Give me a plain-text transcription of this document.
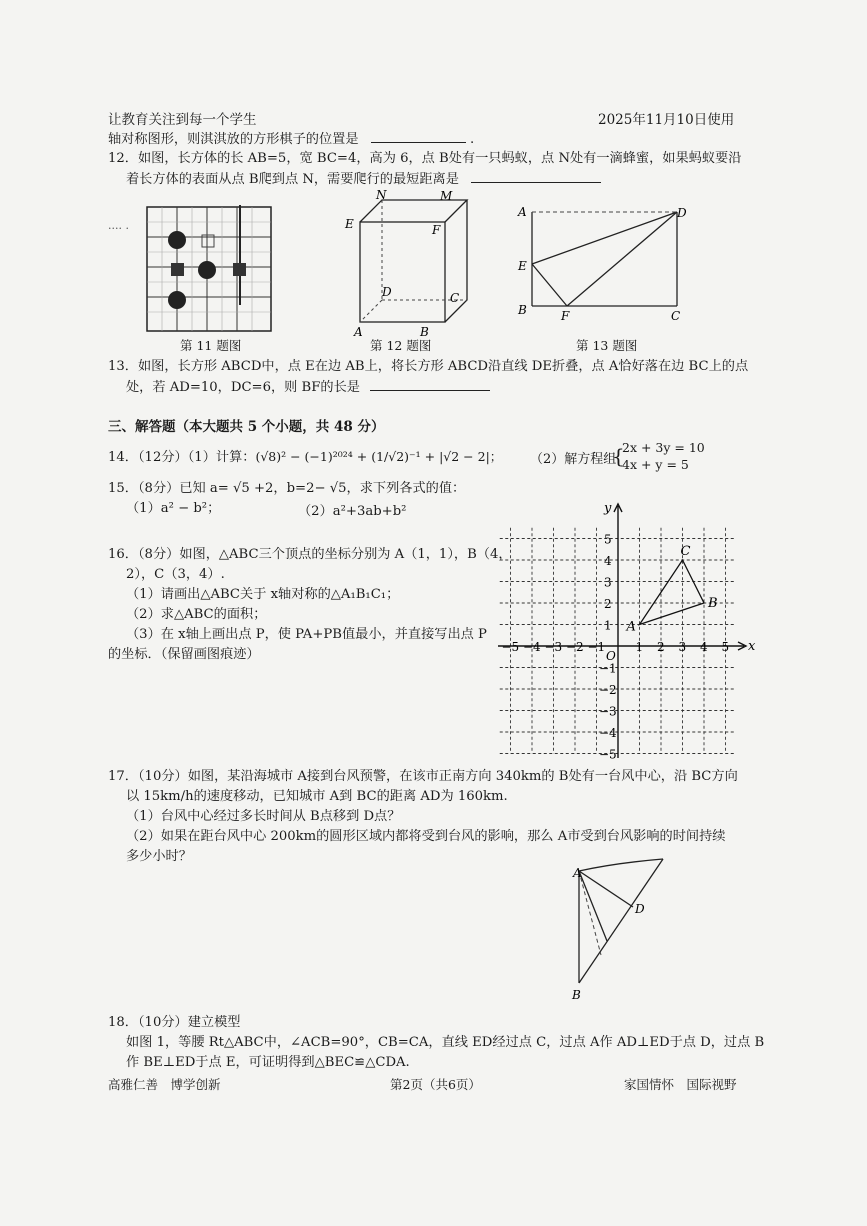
让教育关注到每一个学生	2025年11月10日使用
轴对称图形，则淇淇放的方形棋子的位置是	.
12．如图，长方体的长 AB=5，宽 BC=4，高为 6，点 B处有一只蚂蚁，点 N处有一滴蜂蜜，如果蚂蚁要沿
着长方体的表面从点 B爬到点 N，需要爬行的最短距离是
···· ·
N	M
E	F
D	C
A	B
A	D
E
B	F	C
第 11 题图	第 12 题图	第 13 题图
13．如图，长方形 ABCD中，点 E在边 AB上，将长方形 ABCD沿直线 DE折叠，点 A恰好落在边 BC上的点
处，若 AD=10，DC=6，则 BF的长是
三、解答题（本大题共 5 个小题，共 48 分）
14．（12分）（1）计算：(√8)² − (−1)²⁰²⁴ + (1/√2)⁻¹ + |√2 − 2|； （2）解方程组
{
2x + 3y = 10
4x + y = 5
15．（8分）已知 a= √5 +2，b=2− √5，求下列各式的值：
（1）a² − b²；	（2）a²+3ab+b²
16．（8分）如图，△ABC三个顶点的坐标分别为 A（1，1），B（4，
2），C（3，4）.
（1）请画出△ABC关于 x轴对称的△A₁B₁C₁；
（2）求△ABC的面积；
（3）在 x轴上画出点 P，使 PA+PB值最小，并直接写出点 P
的坐标．（保留画图痕迹）	−5 −4 −3 −2 −1	1 2 3 4 5
5
4
3
2
1
−1
−2
−3
−4
−5
A
B
C
x
y
O
17．（10分）如图，某沿海城市 A接到台风预警，在该市正南方向 340km的 B处有一台风中心，沿 BC方向
以 15km/h的速度移动，已知城市 A到 BC的距离 AD为 160km.
（1）台风中心经过多长时间从 B点移到 D点？
（2）如果在距台风中心 200km的圆形区域内都将受到台风的影响，那么 A市受到台风影响的时间持续
多少小时？
A
D
B
18．（10分）建立模型
如图 1，等腰 Rt△ABC中，∠ACB=90°，CB=CA，直线 ED经过点 C，过点 A作 AD⊥ED于点 D，过点 B
作 BE⊥ED于点 E，可证明得到△BEC≌△CDA.
高雅仁善　博学创新	第2页（共6页）	家国情怀　国际视野
